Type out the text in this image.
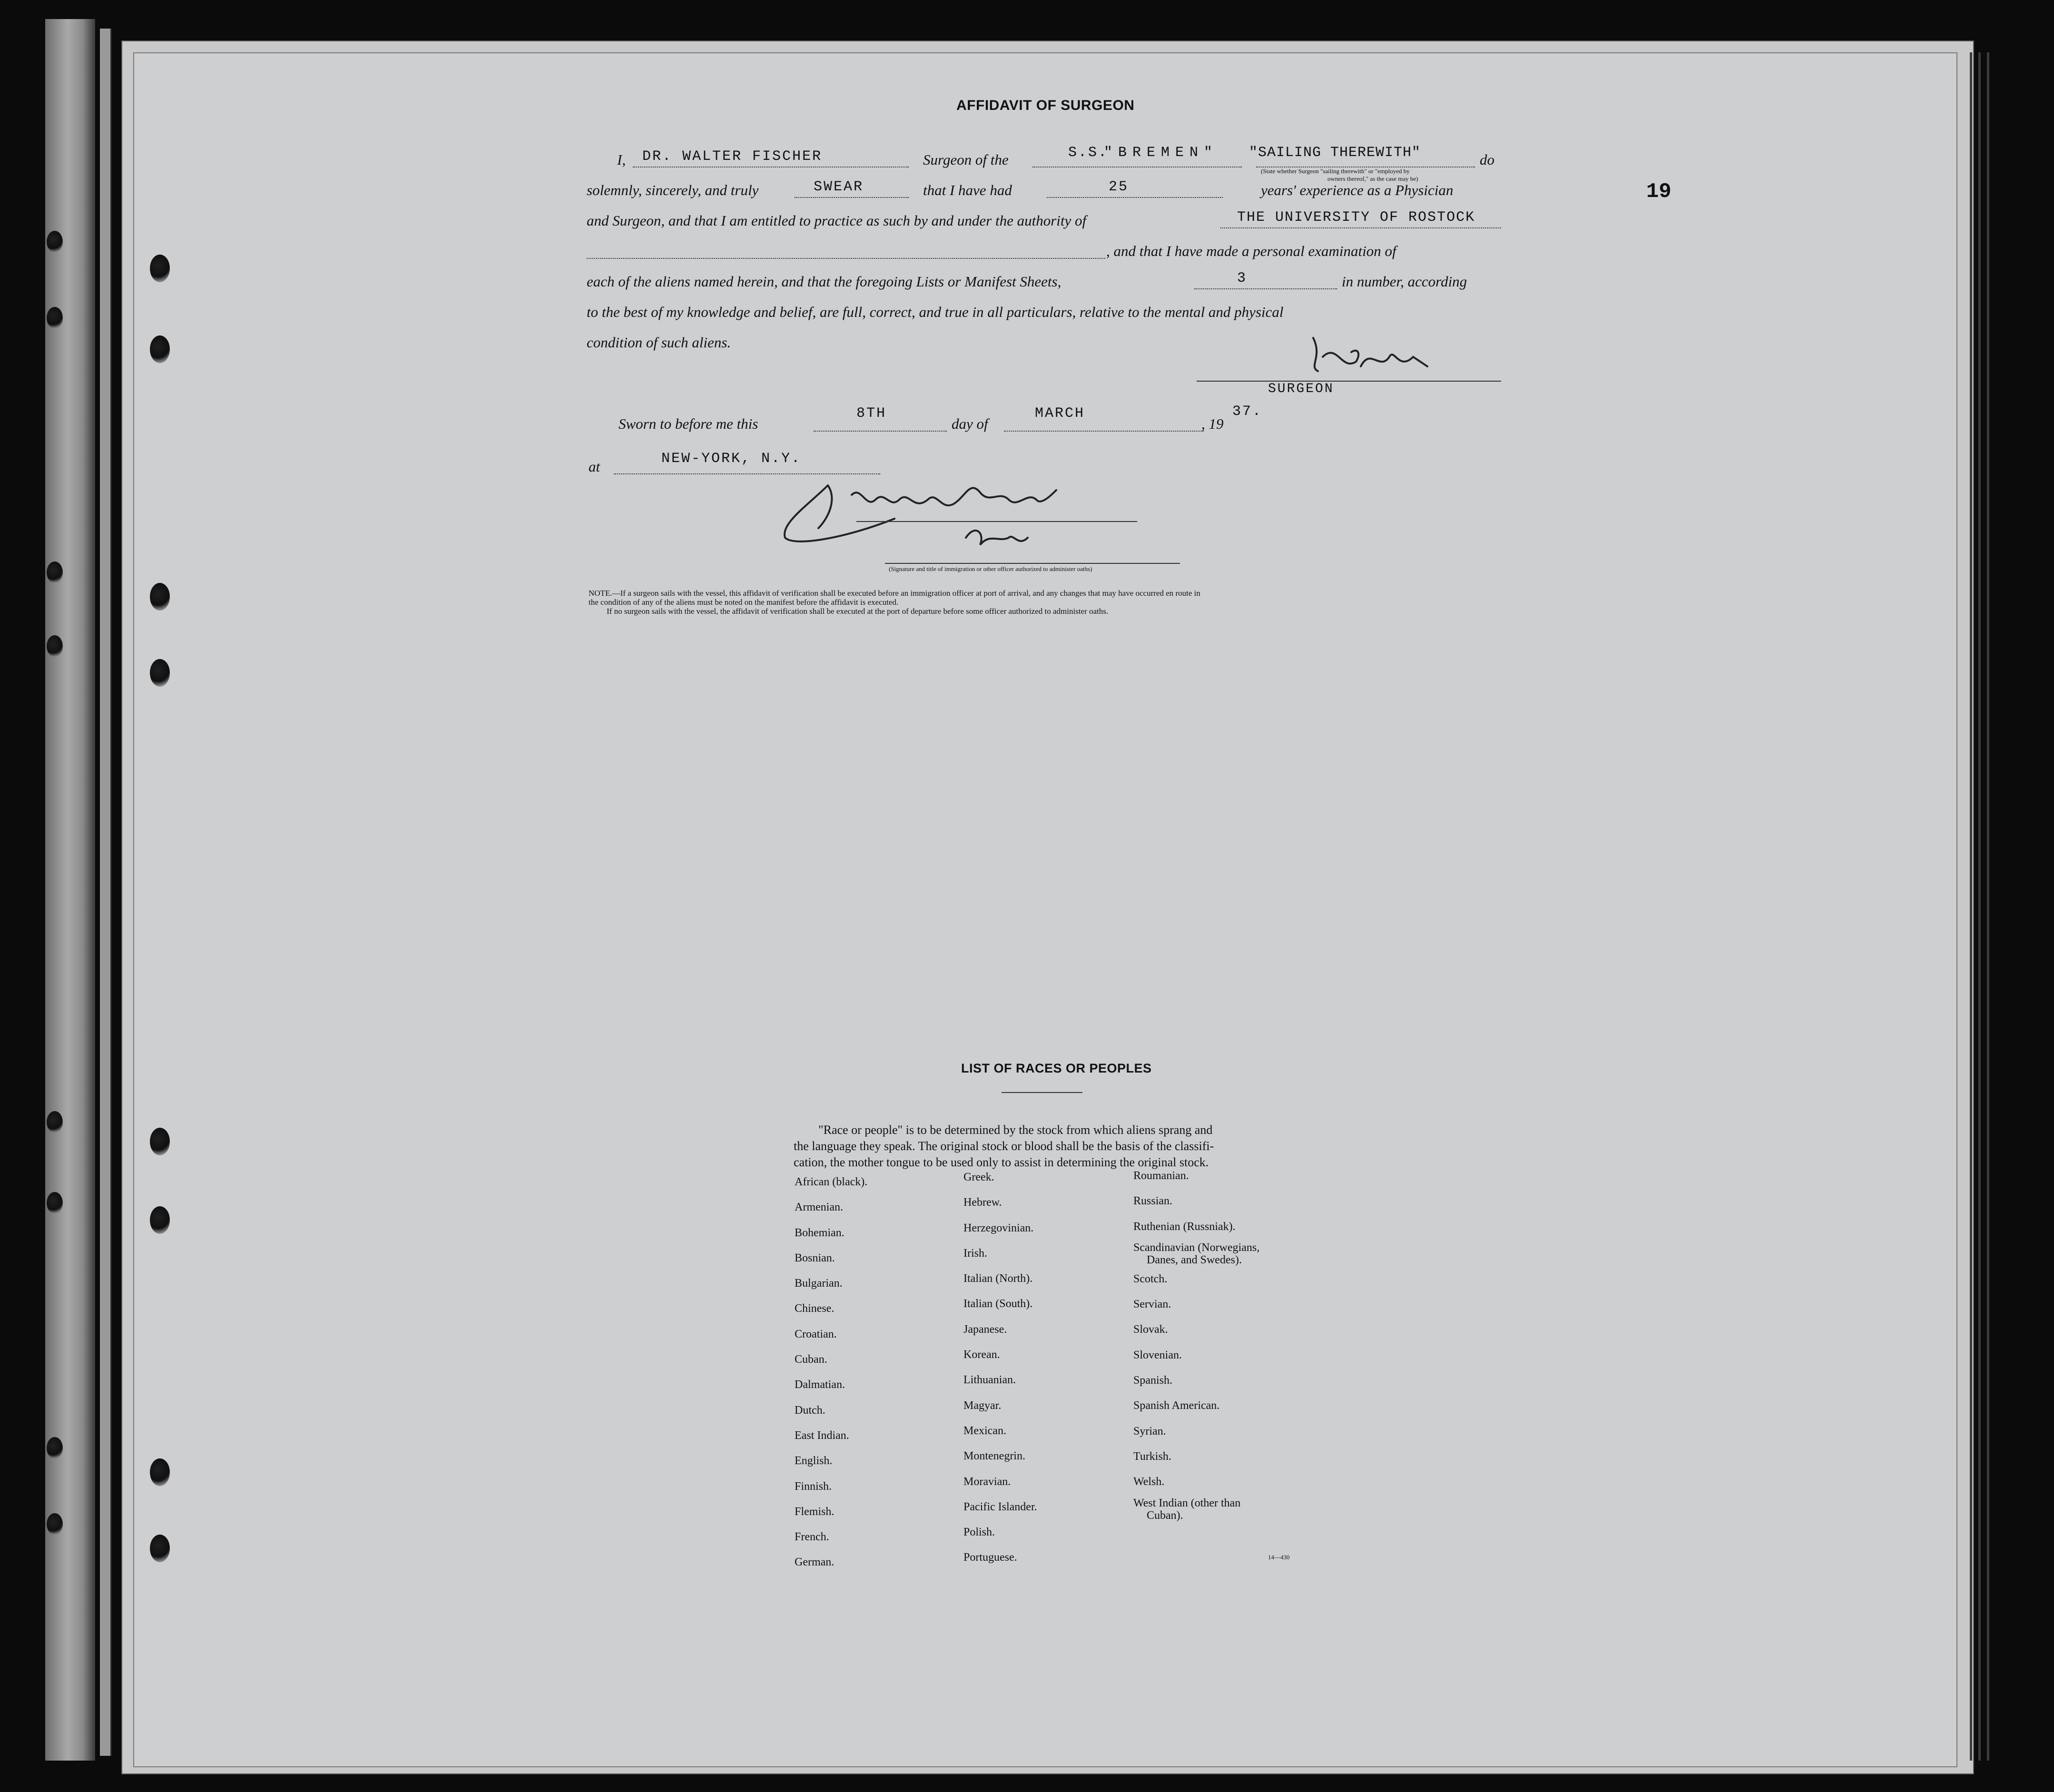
19
AFFIDAVIT OF SURGEON
I, DR. WALTER FISCHER	Surgeon of the	S.S.
"BREMEN" "SAILING THEREWITH"
(State whether Surgeon "sailing therewith" or "employed by
owners thereof," as the case may be)
do
solemnly, sincerely, and truly	SWEAR	that I have had	25	years' experience as a Physician
and Surgeon, and that I am entitled to practice as such by and under the authority of	THE UNIVERSITY OF ROSTOCK
, and that I have made a personal examination of
each of the aliens named herein, and that the foregoing Lists or Manifest Sheets,	3	in number, according
to the best of my knowledge and belief, are full, correct, and true in all particulars, relative to the mental and physical
condition of such aliens.
SURGEON
Sworn to before me this
8TH
day of
MARCH
, 19
37.
at	NEW-YORK, N.Y.
(Signature and title of immigration or other officer authorized to administer oaths)
NOTE.—If a surgeon sails with the vessel, this affidavit of verification shall be executed before an immigration officer at port of arrival, and any changes that may have occurred en route in
the condition of any of the aliens must be noted on the manifest before the affidavit is executed.
If no surgeon sails with the vessel, the affidavit of verification shall be executed at the port of departure before some officer authorized to administer oaths.
LIST OF RACES OR PEOPLES
"Race or people" is to be determined by the stock from which aliens sprang and
the language they speak. The original stock or blood shall be the basis of the classifi-
cation, the mother tongue to be used only to assist in determining the original stock.
African (black).
Armenian.
Bohemian.
Bosnian.
Bulgarian.
Chinese.
Croatian.
Cuban.
Dalmatian.
Dutch.
East Indian.
English.
Finnish.
Flemish.
French.
German.
Greek.
Hebrew.
Herzegovinian.
Irish.
Italian (North).
Italian (South).
Japanese.
Korean.
Lithuanian.
Magyar.
Mexican.
Montenegrin.
Moravian.
Pacific Islander.
Polish.
Portuguese.
Roumanian.
Russian.
Ruthenian (Russniak).
Scandinavian (Norwegians,
Danes, and Swedes).
Scotch.
Servian.
Slovak.
Slovenian.
Spanish.
Spanish American.
Syrian.
Turkish.
Welsh.
West Indian (other than
Cuban).
14—430
